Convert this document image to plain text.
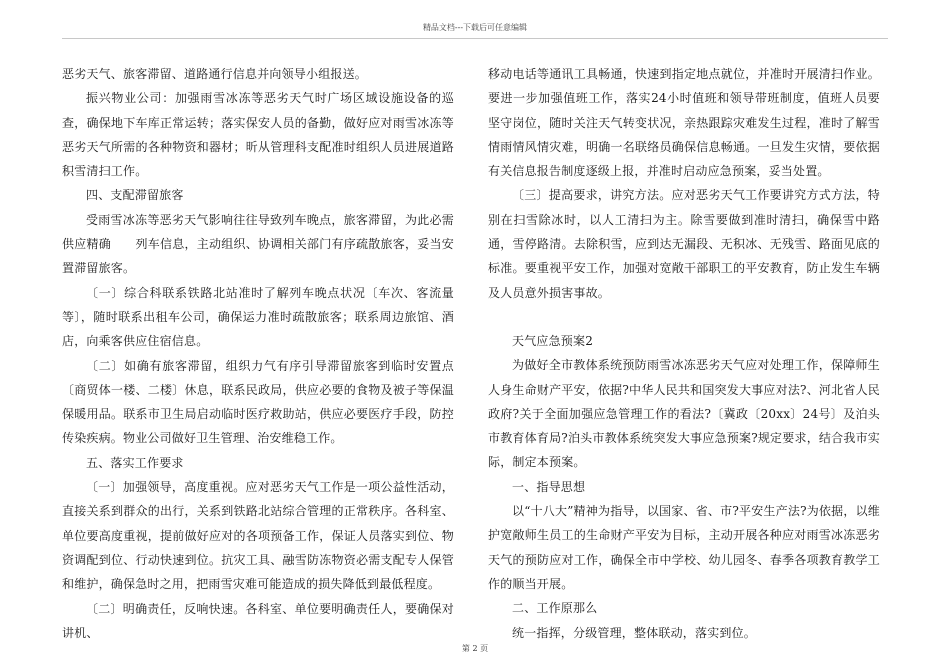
精品文档---下载后可任意编辑

恶劣天气、旅客滞留、道路通行信息并向领导小组报送。

振兴物业公司：加强雨雪冰冻等恶劣天气时广场区域设施设备的巡查，确保地下车库正常运转；落实保安人员的备勤，做好应对雨雪冰冻等恶劣天气所需的各种物资和器材；昕从管理科支配准时组织人员进展道路积雪清扫工作。

四、支配滞留旅客

受雨雪冰冻等恶劣天气影响往往导致列车晚点，旅客滞留，为此必需供应精确　　列车信息，主动组织、协调相关部门有序疏散旅客，妥当安置滞留旅客。

〔一〕综合科联系铁路北站准时了解列车晚点状况〔车次、客流量等〕，随时联系出租车公司，确保运力准时疏散旅客；联系周边旅馆、酒店，向乘客供应住宿信息。

〔二〕如确有旅客滞留，组织力气有序引导滞留旅客到临时安置点〔商贸体一楼、二楼〕休息，联系民政局，供应必要的食物及被子等保温保暖用品。联系市卫生局启动临时医疗救助站，供应必要医疗手段，防控传染疾病。物业公司做好卫生管理、治安维稳工作。

五、落实工作要求

〔一〕加强领导，高度重视。应对恶劣天气工作是一项公益性活动，直接关系到群众的出行，关系到铁路北站综合管理的正常秩序。各科室、单位要高度重视，提前做好应对的各项预备工作，保证人员落实到位、物资调配到位、行动快速到位。抗灾工具、融雪防冻物资必需支配专人保管和维护，确保急时之用，把雨雪灾难可能造成的损失降低到最低程度。

〔二〕明确责任，反响快速。各科室、单位要明确责任人，要确保对讲机、

移动电话等通讯工具畅通，快速到指定地点就位，并准时开展清扫作业。要进一步加强值班工作，落实24小时值班和领导带班制度，值班人员要坚守岗位，随时关注天气转变状况，亲热跟踪灾难发生过程，准时了解雪情雨情风情灾难，明确一名联络员确保信息畅通。一旦发生灾情，要依据有关信息报告制度逐级上报，并准时启动应急预案，妥当处置。

〔三〕提高要求，讲究方法。应对恶劣天气工作要讲究方式方法，特别在扫雪除冰时，以人工清扫为主。除雪要做到准时清扫，确保雪中路通，雪停路清。去除积雪，应到达无漏段、无积冰、无残雪、路面见底的标准。要重视平安工作，加强对宽敞干部职工的平安教育，防止发生车辆及人员意外损害事故。

天气应急预案2

为做好全市教体系统预防雨雪冰冻恶劣天气应对处理工作，保障师生人身生命财产平安，依据?中华人民共和国突发大事应对法?、河北省人民政府?关于全面加强应急管理工作的看法?〔冀政〔20xx〕24号〕及泊头市教育体育局?泊头市教体系统突发大事应急预案?规定要求，结合我市实际，制定本预案。

一、指导思想

以“十八大”精神为指导，以国家、省、市?平安生产法?为依据，以维护宽敞师生员工的生命财产平安为目标，主动开展各种应对雨雪冰冻恶劣天气的预防应对工作，确保全市中学校、幼儿园冬、春季各项教育教学工作的顺当开展。

二、工作原那么

统一指挥，分级管理，整体联动，落实到位。

第 2 页
